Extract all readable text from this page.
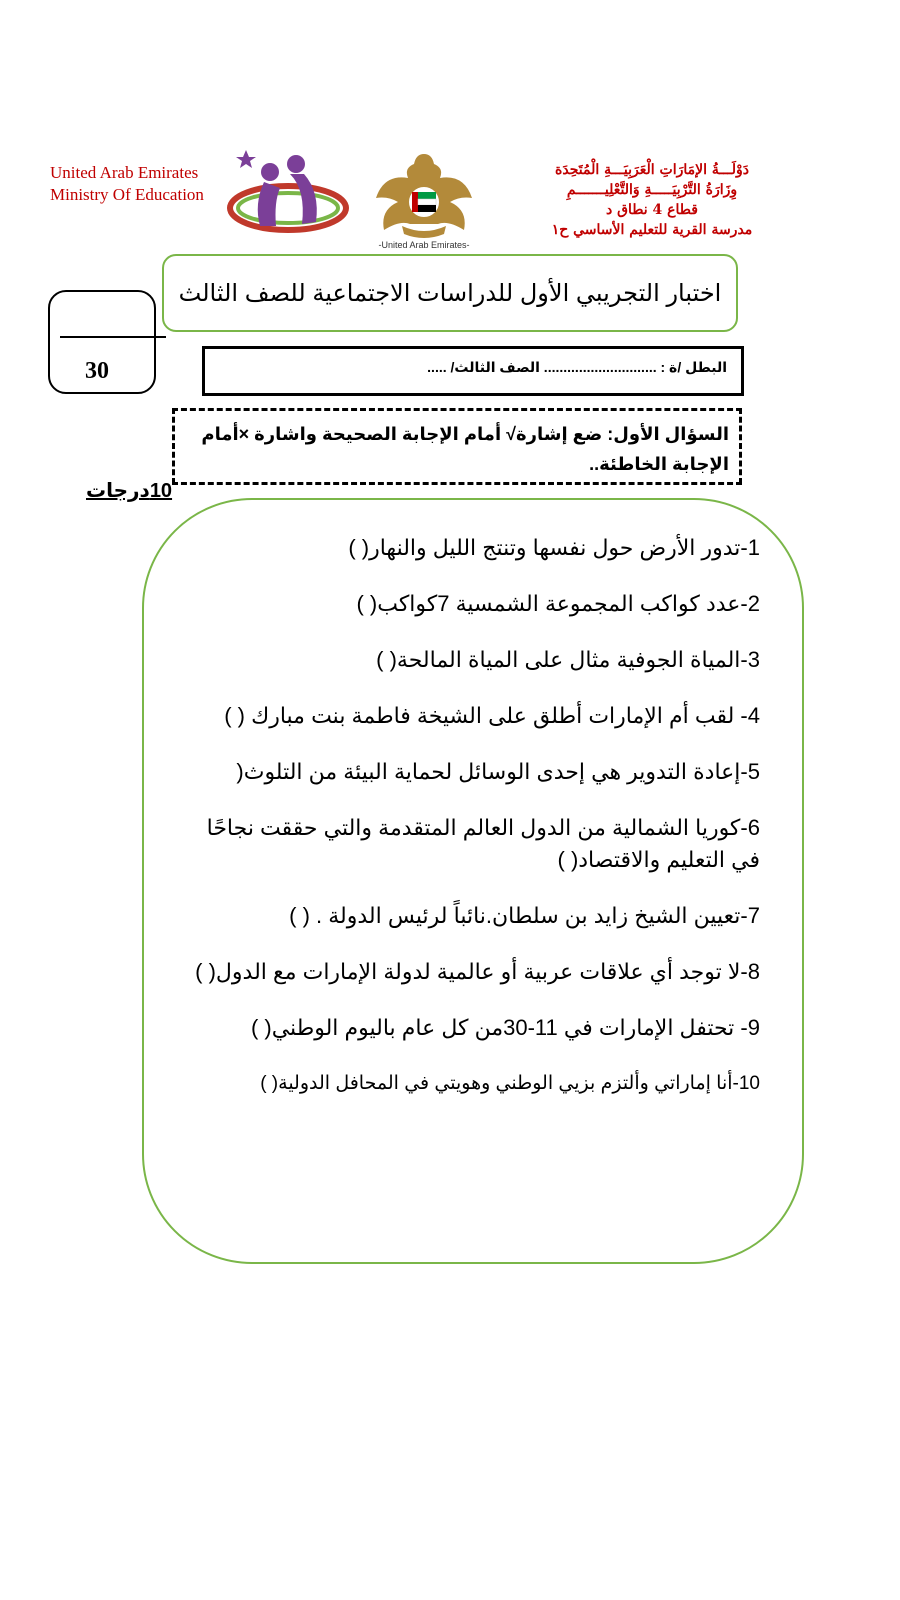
United Arab Emirates
Ministry Of Education
-United Arab Emirates-
دَوْلَـــةُ الإمَارَاتِ الْعَرَبِيَـــةِ الْمُتَحِدَة
وِزَارَةُ التَّرْبِيَـــــةِ وَالتَّعْلِيـــــــمِ
قطاع 4 نطاق د
مدرسة القرية للتعليم الأساسي ح١
اختبار التجريبي الأول للدراسات الاجتماعية للصف الثالث
30	البطل /ة : ............................. الصف الثالث/ .....
السؤال الأول: ضع إشارة√ أمام الإجابة الصحيحة واشارة ×أمام الإجابة الخاطئة..
10درجات
1-تدور الأرض حول نفسها وتنتج الليل والنهار( )
2-عدد كواكب المجموعة الشمسية 7كواكب( )
3-المياة الجوفية مثال على المياة المالحة( )
4- لقب أم الإمارات أطلق على الشيخة فاطمة بنت مبارك ( )
5-إعادة التدوير هي إحدى الوسائل لحماية البيئة من التلوث(
6-كوريا الشمالية من الدول العالم المتقدمة والتي حققت نجاحًا في التعليم والاقتصاد( )
7-تعيين الشيخ زايد بن سلطان.نائباً لرئيس الدولة . ( )
8-لا توجد أي علاقات عربية أو عالمية لدولة الإمارات مع الدول( )
9- تحتفل الإمارات في 11-30من كل عام باليوم الوطني( )
10-أنا إماراتي وألتزم بزيي الوطني وهويتي في المحافل الدولية( )
